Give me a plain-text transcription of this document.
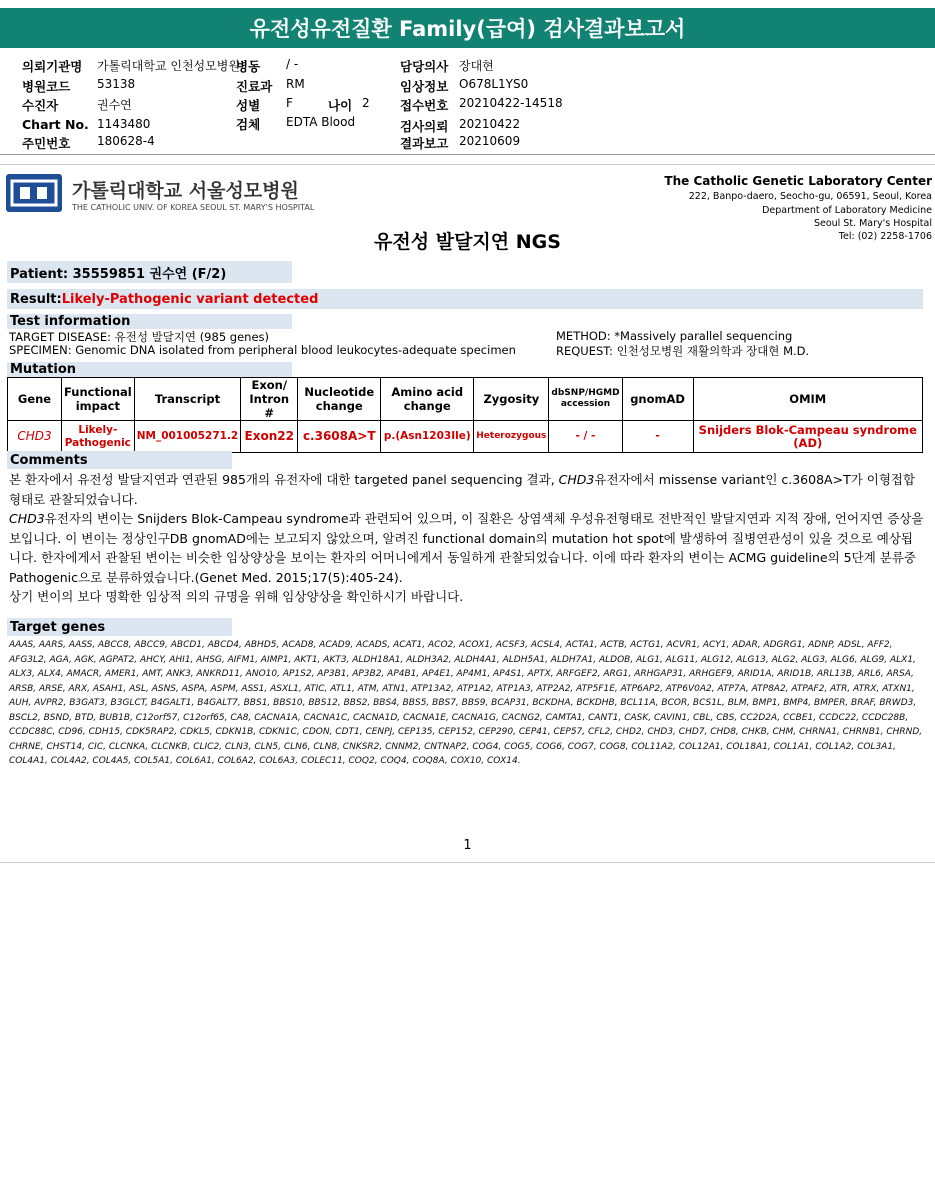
유전성유전질환 Family(급여) 검사결과보고서
의뢰기관명 가톨릭대학교 인천성모병원
병동 / -	담당의사 장대현
병원코드 53138	진료과 RM	임상정보 O678L1YS0
수진자	권수연	성별 F	나이 2 접수번호 20210422-14518
Chart No. 1143480	검체 EDTA Blood	검사의뢰 20210422
주민번호 180628-4	결과보고 20210609
가톨릭대학교 서울성모병원
THE CATHOLIC UNIV. OF KOREA SEOUL ST. MARY'S HOSPITAL
The Catholic Genetic Laboratory Center
222, Banpo-daero, Seocho-gu, 06591, Seoul, Korea
Department of Laboratory Medicine
Seoul St. Mary's Hospital
Tel: (02) 2258-1706
유전성 발달지연 NGS
Patient: 35559851 권수연 (F/2)
Result: Likely-Pathogenic variant detected
Test information
TARGET DISEASE: 유전성 발달지연 (985 genes)
SPECIMEN: Genomic DNA isolated from peripheral blood leukocytes-adequate specimen
METHOD: *Massively parallel sequencing
REQUEST: 인천성모병원 재활의학과 장대현 M.D.
Mutation
Gene	Functional impact	Transcript	Exon/ Intron #	Nucleotide change	Amino acid change	Zygosity	dbSNP/HGMD accession	gnomAD	OMIM
CHD3	Likely-Pathogenic	NM_001005271.2	Exon22	c.3608A>T	p.(Asn1203Ile)	Heterozygous	- / -	-	Snijders Blok-Campeau syndrome (AD)
Comments
본 환자에서 유전성 발달지연과 연관된 985개의 유전자에 대한 targeted panel sequencing 결과, CHD3유전자에서 missense variant인 c.3608A>T가 이형접합형태로 관찰되었습니다.
CHD3유전자의 변이는 Snijders Blok-Campeau syndrome과 관련되어 있으며, 이 질환은 상염색체 우성유전형태로 전반적인 발달지연과 지적 장애, 언어지연 증상을 보입니다. 이 변이는 정상인구DB gnomAD에는 보고되지 않았으며, 알려진 functional domain의 mutation hot spot에 발생하여 질병연관성이 있을 것으로 예상됩니다. 한자에게서 관찰된 변이는 비슷한 임상양상을 보이는 환자의 어머니에게서 동일하게 관찰되었습니다. 이에 따라 환자의 변이는 ACMG guideline의 5단계 분류중 Pathogenic으로 분류하였습니다.(Genet Med. 2015;17(5):405-24).
상기 변이의 보다 명확한 임상적 의의 규명을 위해 임상양상을 확인하시기 바랍니다.
Target genes
AAAS, AARS, AASS, ABCC8, ABCC9, ABCD1, ABCD4, ABHD5, ACAD8, ACAD9, ACADS, ACAT1, ACO2, ACOX1, ACSF3, ACSL4, ACTA1, ACTB, ACTG1, ACVR1, ACY1, ADAR, ADGRG1, ADNP, ADSL, AFF2, AFG3L2, AGA, AGK, AGPAT2, AHCY, AHI1, AHSG, AIFM1, AIMP1, AKT1, AKT3, ALDH18A1, ALDH3A2, ALDH4A1, ALDH5A1, ALDH7A1, ALDOB, ALG1, ALG11, ALG12, ALG13, ALG2, ALG3, ALG6, ALG9, ALX1, ALX3, ALX4, AMACR, AMER1, AMT, ANK3, ANKRD11, ANO10, AP1S2, AP3B1, AP3B2, AP4B1, AP4E1, AP4M1, AP4S1, APTX, ARFGEF2, ARG1, ARHGAP31, ARHGEF9, ARID1A, ARID1B, ARL13B, ARL6, ARSA, ARSB, ARSE, ARX, ASAH1, ASL, ASNS, ASPA, ASPM, ASS1, ASXL1, ATIC, ATL1, ATM, ATN1, ATP13A2, ATP1A2, ATP1A3, ATP2A2, ATP5F1E, ATP6AP2, ATP6V0A2, ATP7A, ATP8A2, ATPAF2, ATR, ATRX, ATXN1, AUH, AVPR2, B3GAT3, B3GLCT, B4GALT1, B4GALT7, BBS1, BBS10, BBS12, BBS2, BBS4, BBS5, BBS7, BBS9, BCAP31, BCKDHA, BCKDHB, BCL11A, BCOR, BCS1L, BLM, BMP1, BMP4, BMPER, BRAF, BRWD3, BSCL2, BSND, BTD, BUB1B, C12orf57, C12orf65, CA8, CACNA1A, CACNA1C, CACNA1D, CACNA1E, CACNA1G, CACNG2, CAMTA1, CANT1, CASK, CAVIN1, CBL, CBS, CC2D2A, CCBE1, CCDC22, CCDC28B, CCDC88C, CD96, CDH15, CDK5RAP2, CDKL5, CDKN1B, CDKN1C, CDON, CDT1, CENPJ, CEP135, CEP152, CEP290, CEP41, CEP57, CFL2, CHD2, CHD3, CHD7, CHD8, CHKB, CHM, CHRNA1, CHRNB1, CHRND, CHRNE, CHST14, CIC, CLCNKA, CLCNKB, CLIC2, CLN3, CLN5, CLN6, CLN8, CNKSR2, CNNM2, CNTNAP2, COG4, COG5, COG6, COG7, COG8, COL11A2, COL12A1, COL18A1, COL1A1, COL1A2, COL3A1, COL4A1, COL4A2, COL4A5, COL5A1, COL6A1, COL6A2, COL6A3, COLEC11, COQ2, COQ4, COQ8A, COX10, COX14.
1
